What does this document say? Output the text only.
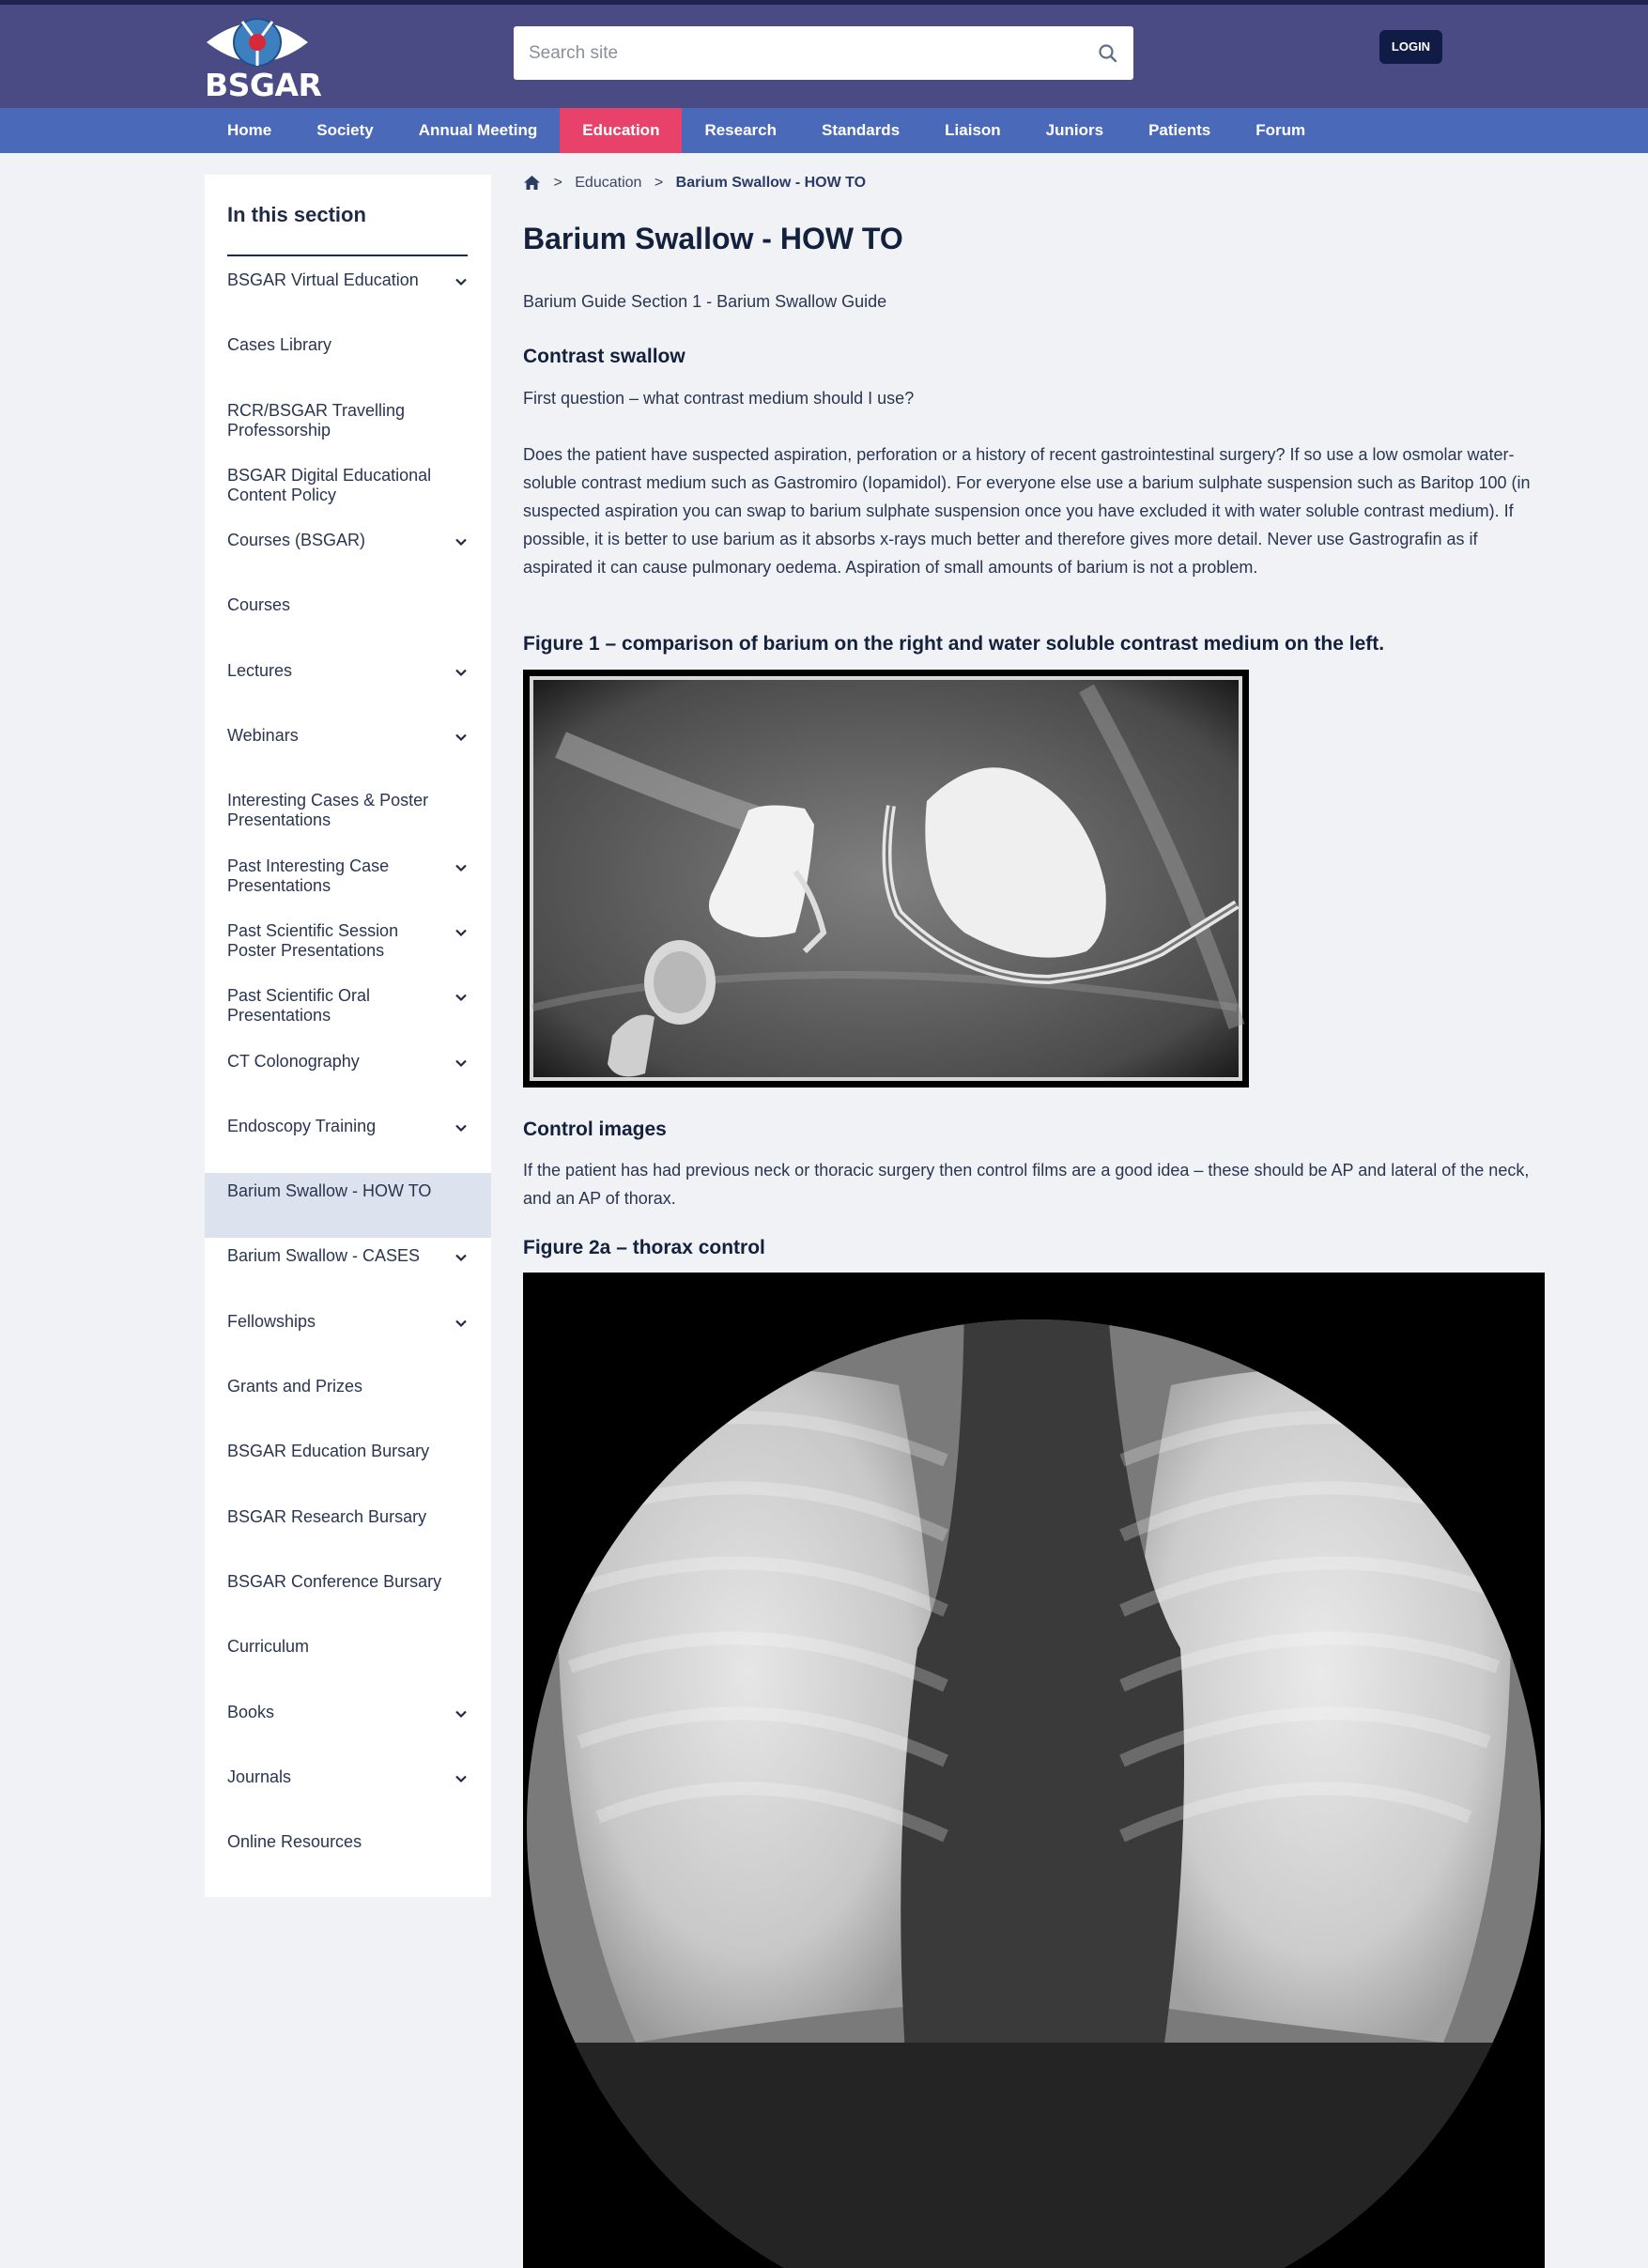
BSGAR
Search site
LOGIN
Home	Society	Annual Meeting	Education	Research	Standards	Liaison	Juniors	Patients	Forum
In this section
BSGAR Virtual Education
Cases Library
RCR/BSGAR Travelling Professorship
BSGAR Digital Educational Content Policy
Courses (BSGAR)
Courses
Lectures
Webinars
Interesting Cases & Poster Presentations
Past Interesting Case Presentations
Past Scientific Session Poster Presentations
Past Scientific Oral Presentations
CT Colonography
Endoscopy Training
Barium Swallow - HOW TO
Barium Swallow - CASES
Fellowships
Grants and Prizes
BSGAR Education Bursary
BSGAR Research Bursary
BSGAR Conference Bursary
Curriculum
Books
Journals
Online Resources
> Education > Barium Swallow - HOW TO
Barium Swallow - HOW TO

Barium Guide Section 1 - Barium Swallow Guide

Contrast swallow

First question – what contrast medium should I use?

Does the patient have suspected aspiration, perforation or a history of recent gastrointestinal surgery? If so use a low osmolar water-soluble contrast medium such as Gastromiro (Iopamidol). For everyone else use a barium sulphate suspension such as Baritop 100 (in suspected aspiration you can swap to barium sulphate suspension once you have excluded it with water soluble contrast medium). If possible, it is better to use barium as it absorbs x-rays much better and therefore gives more detail. Never use Gastrografin as if aspirated it can cause pulmonary oedema. Aspiration of small amounts of barium is not a problem.

Figure 1 – comparison of barium on the right and water soluble contrast medium on the left.
Control images

If the patient has had previous neck or thoracic surgery then control films are a good idea – these should be AP and lateral of the neck, and an AP of thorax.

Figure 2a – thorax control
